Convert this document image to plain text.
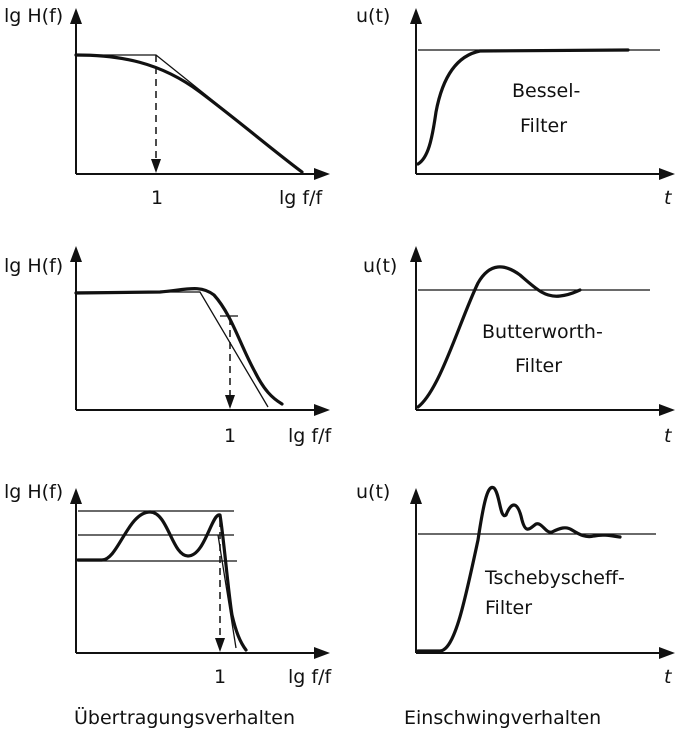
lg H(f)
1	lg f/f
u(t)
t
Bessel-
Filter
lg H(f)
1	lg f/f
u(t)
t
Butterworth-
Filter
lg H(f)
1	lg f/f
u(t)
t
Tschebyscheff-
Filter
Übertragungsverhalten	Einschwingverhalten
